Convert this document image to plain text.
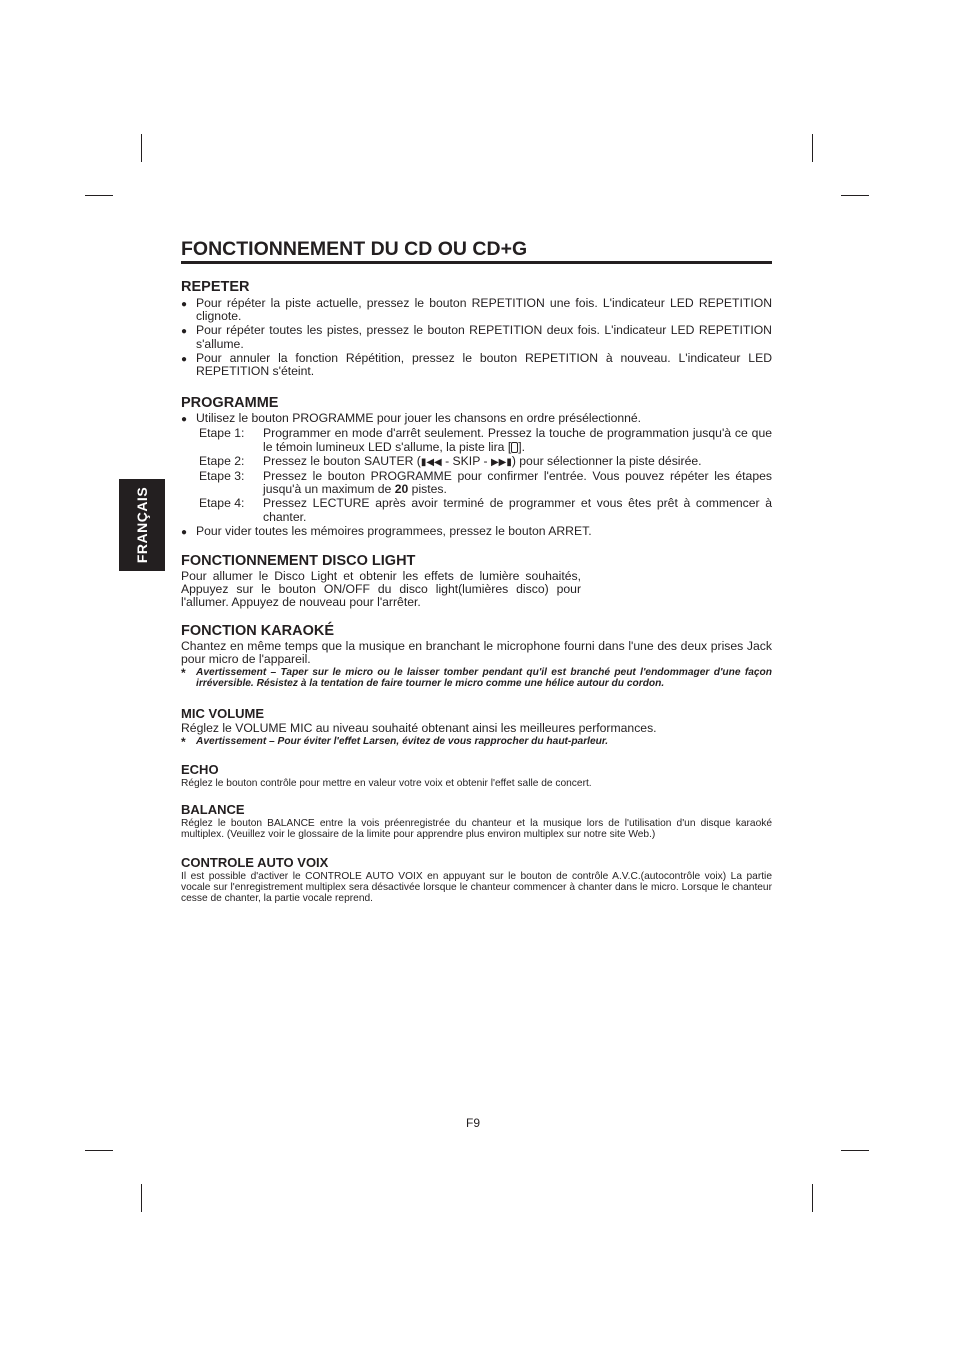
FRANÇAIS
FONCTIONNEMENT DU CD OU CD+G
REPETER
● Pour répéter la piste actuelle, pressez le bouton REPETITION une fois. L'indicateur LED REPETITION clignote.
● Pour répéter toutes les pistes, pressez le bouton REPETITION deux fois. L'indicateur LED REPETITION s'allume.
● Pour annuler la fonction Répétition, pressez le bouton REPETITION à nouveau. L'indicateur LED REPETITION s'éteint.
PROGRAMME
● Utilisez le bouton PROGRAMME pour jouer les chansons en ordre présélectionné.
Etape 1:	Programmer en mode d'arrêt seulement. Pressez la touche de programmation jusqu'à ce que le témoin lumineux LED s'allume, la piste lira [ ].
Etape 2:	Pressez le bouton SAUTER (▮◀◀ - SKIP - ▶▶▮) pour sélectionner la piste désirée.
Etape 3:	Pressez le bouton PROGRAMME pour confirmer l'entrée. Vous pouvez répéter les étapes jusqu'à un maximum de 20 pistes.
Etape 4:	Pressez LECTURE après avoir terminé de programmer et vous êtes prêt à commencer à chanter.
● Pour vider toutes les mémoires programmees, pressez le bouton ARRET.
FONCTIONNEMENT DISCO LIGHT
Pour allumer le Disco Light et obtenir les effets de lumière souhaités, Appuyez sur le bouton ON/OFF du disco light(lumières disco) pour l'allumer. Appuyez de nouveau pour l'arrêter.
FONCTION KARAOKÉ
Chantez en même temps que la musique en branchant le microphone fourni dans l'une des deux prises Jack pour micro de l'appareil.
* Avertissement – Taper sur le micro ou le laisser tomber pendant qu'il est branché peut l'endommager d'une façon irréversible. Résistez à la tentation de faire tourner le micro comme une hélice autour du cordon.
MIC VOLUME
Réglez le VOLUME MIC au niveau souhaité obtenant ainsi les meilleures performances.
* Avertissement – Pour éviter l'effet Larsen, évitez de vous rapprocher du haut-parleur.
ECHO
Réglez le bouton contrôle pour mettre en valeur votre voix et obtenir l'effet salle de concert.
BALANCE
Réglez le bouton BALANCE entre la vois préenregistrée du chanteur et la musique lors de l'utilisation d'un disque karaoké multiplex. (Veuillez voir le glossaire de la limite pour apprendre plus environ multiplex sur notre site Web.)
CONTROLE AUTO VOIX
Il est possible d'activer le CONTROLE AUTO VOIX en appuyant sur le bouton de contrôle A.V.C.(autocontrôle voix) La partie vocale sur l'enregistrement multiplex sera désactivée lorsque le chanteur commencer à chanter dans le micro. Lorsque le chanteur cesse de chanter, la partie vocale reprend.
F9
